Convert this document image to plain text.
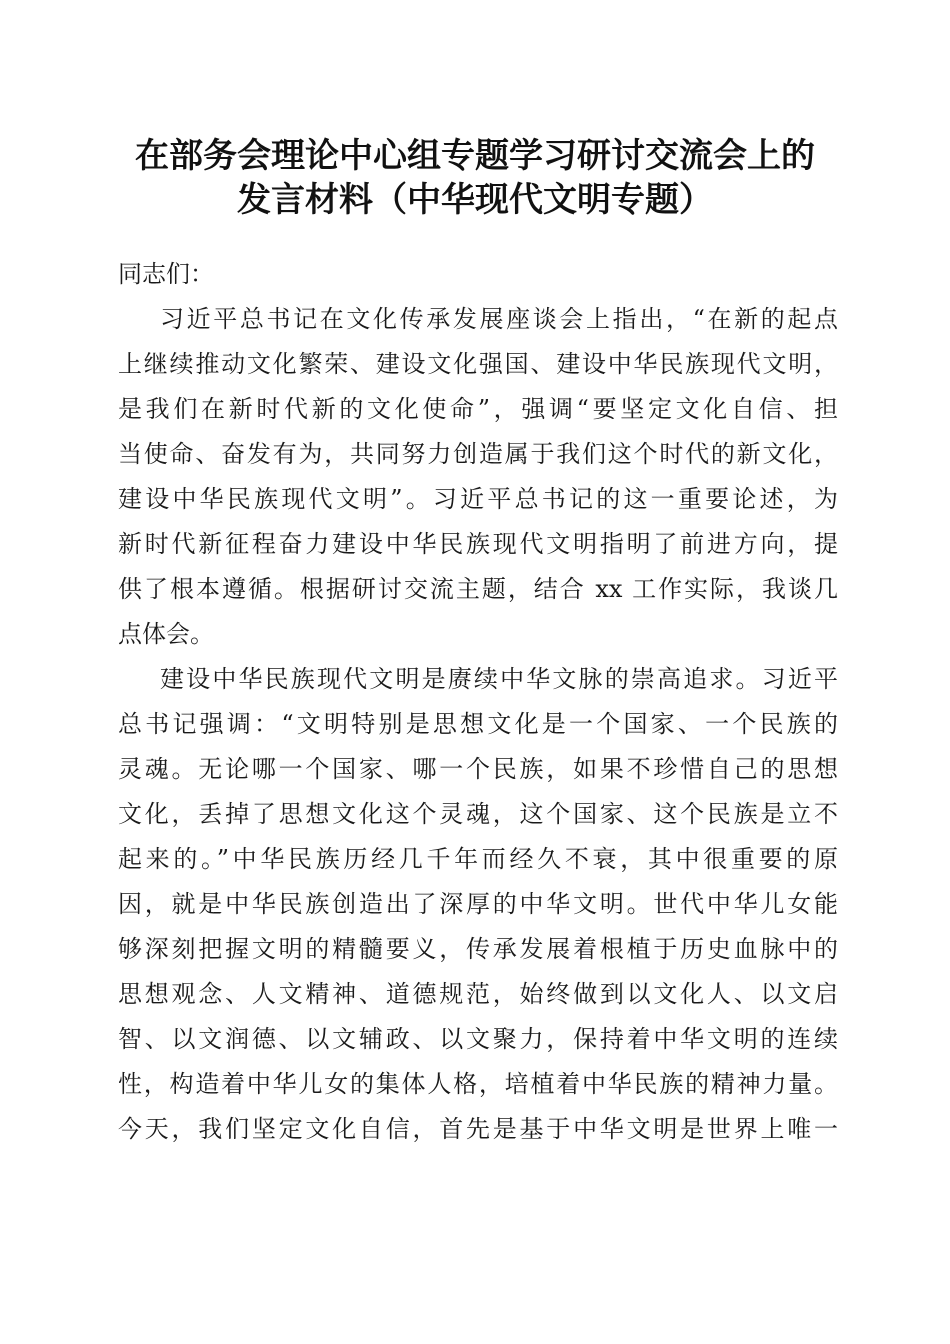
在部务会理论中心组专题学习研讨交流会上的
发言材料（中华现代文明专题）
同志们：
习近平总书记在文化传承发展座谈会上指出，“在新的起点
上继续推动文化繁荣、建设文化强国、建设中华民族现代文明，
是我们在新时代新的文化使命”，强调“要坚定文化自信、担
当使命、奋发有为，共同努力创造属于我们这个时代的新文化，
建设中华民族现代文明”。习近平总书记的这一重要论述，为
新时代新征程奋力建设中华民族现代文明指明了前进方向，提
供了根本遵循。根据研讨交流主题，结合 xx 工作实际，我谈几
点体会。
建设中华民族现代文明是赓续中华文脉的崇高追求。习近平
总书记强调：“文明特别是思想文化是一个国家、一个民族的
灵魂。无论哪一个国家、哪一个民族，如果不珍惜自己的思想
文化，丢掉了思想文化这个灵魂，这个国家、这个民族是立不
起来的。”中华民族历经几千年而经久不衰，其中很重要的原
因，就是中华民族创造出了深厚的中华文明。世代中华儿女能
够深刻把握文明的精髓要义，传承发展着根植于历史血脉中的
思想观念、人文精神、道德规范，始终做到以文化人、以文启
智、以文润德、以文辅政、以文聚力，保持着中华文明的连续
性，构造着中华儿女的集体人格，培植着中华民族的精神力量。
今天，我们坚定文化自信，首先是基于中华文明是世界上唯一
